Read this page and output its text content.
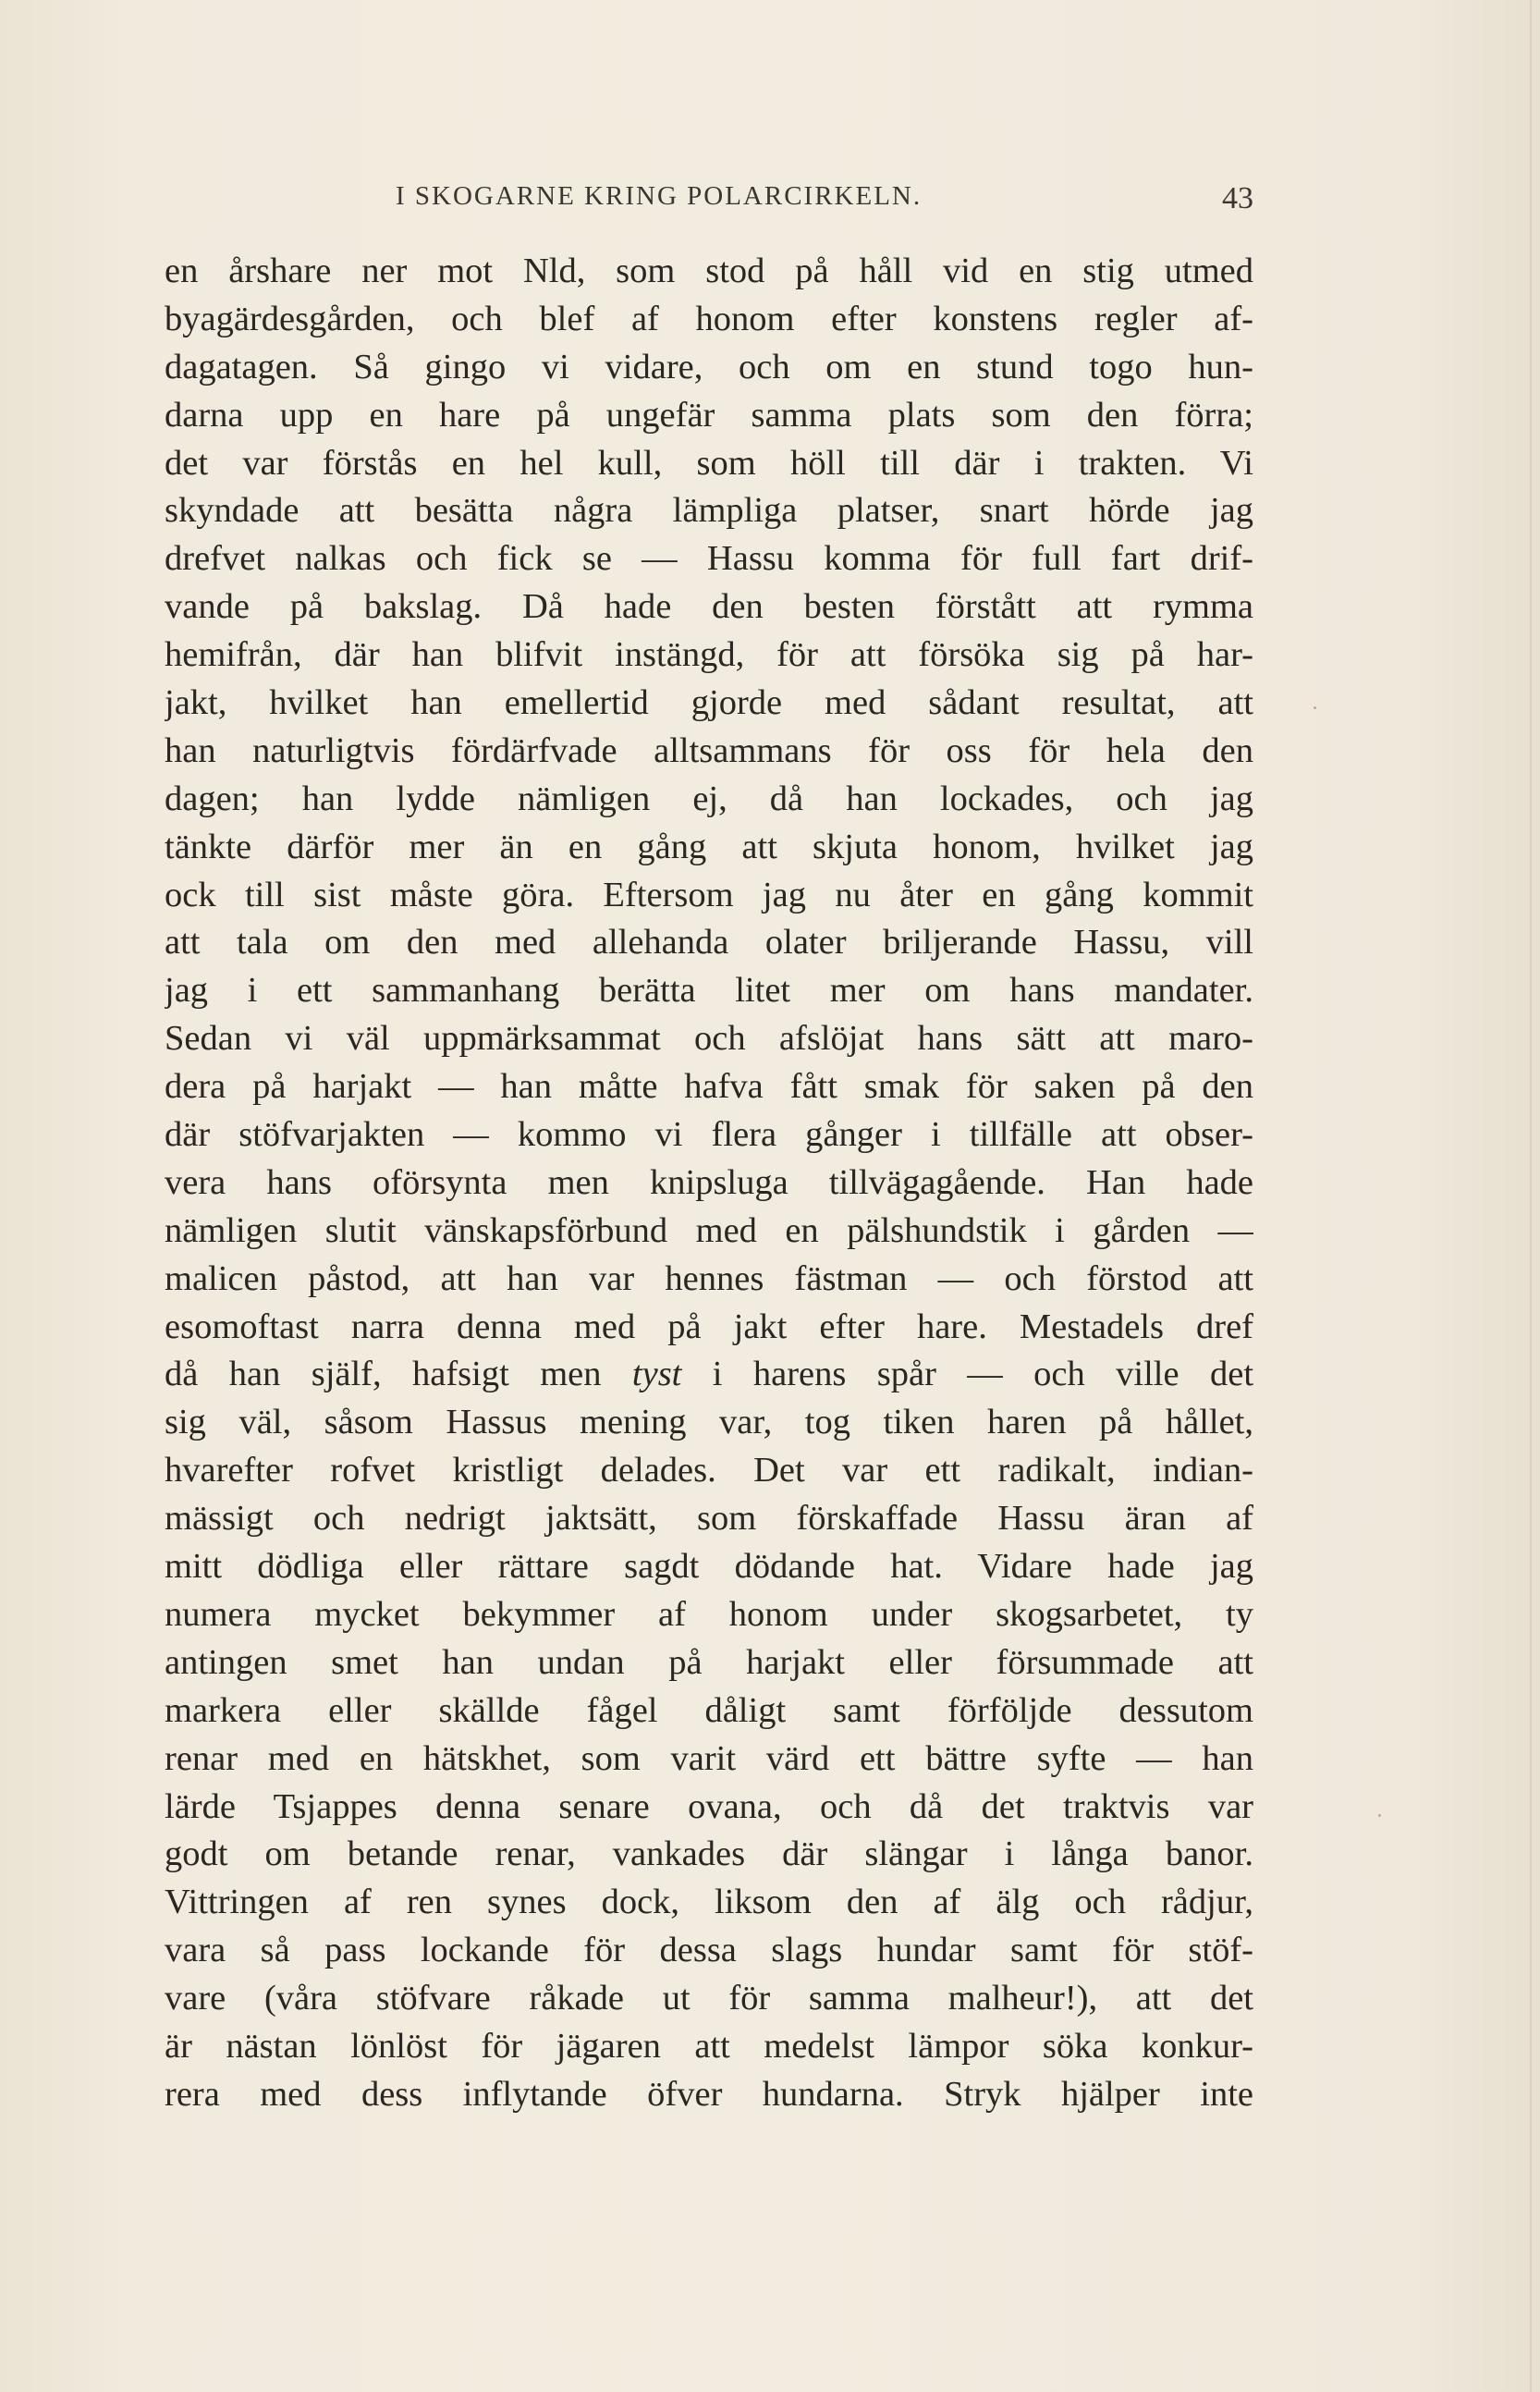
I SKOGARNE KRING POLARCIRKELN.	43
en årshare ner mot Nld, som stod på håll vid en stig utmed
byagärdesgården, och blef af honom efter konstens regler af-
dagatagen. Så gingo vi vidare, och om en stund togo hun-
darna upp en hare på ungefär samma plats som den förra;
det var förstås en hel kull, som höll till där i trakten. Vi
skyndade att besätta några lämpliga platser, snart hörde jag
drefvet nalkas och fick se — Hassu komma för full fart drif-
vande på bakslag. Då hade den besten förstått att rymma
hemifrån, där han blifvit instängd, för att försöka sig på har-
jakt, hvilket han emellertid gjorde med sådant resultat, att
han naturligtvis fördärfvade alltsammans för oss för hela den
dagen; han lydde nämligen ej, då han lockades, och jag
tänkte därför mer än en gång att skjuta honom, hvilket jag
ock till sist måste göra. Eftersom jag nu åter en gång kommit
att tala om den med allehanda olater briljerande Hassu, vill
jag i ett sammanhang berätta litet mer om hans mandater.
Sedan vi väl uppmärksammat och afslöjat hans sätt att maro-
dera på harjakt — han måtte hafva fått smak för saken på den
där stöfvarjakten — kommo vi flera gånger i tillfälle att obser-
vera hans oförsynta men knipsluga tillvägagående. Han hade
nämligen slutit vänskapsförbund med en pälshundstik i gården —
malicen påstod, att han var hennes fästman — och förstod att
esomoftast narra denna med på jakt efter hare. Mestadels dref
då han själf, hafsigt men tyst i harens spår — och ville det
sig väl, såsom Hassus mening var, tog tiken haren på hållet,
hvarefter rofvet kristligt delades. Det var ett radikalt, indian-
mässigt och nedrigt jaktsätt, som förskaffade Hassu äran af
mitt dödliga eller rättare sagdt dödande hat. Vidare hade jag
numera mycket bekymmer af honom under skogsarbetet, ty
antingen smet han undan på harjakt eller försummade att
markera eller skällde fågel dåligt samt förföljde dessutom
renar med en hätskhet, som varit värd ett bättre syfte — han
lärde Tsjappes denna senare ovana, och då det traktvis var
godt om betande renar, vankades där slängar i långa banor.
Vittringen af ren synes dock, liksom den af älg och rådjur,
vara så pass lockande för dessa slags hundar samt för stöf-
vare (våra stöfvare råkade ut för samma malheur!), att det
är nästan lönlöst för jägaren att medelst lämpor söka konkur-
rera med dess inflytande öfver hundarna. Stryk hjälper inte
